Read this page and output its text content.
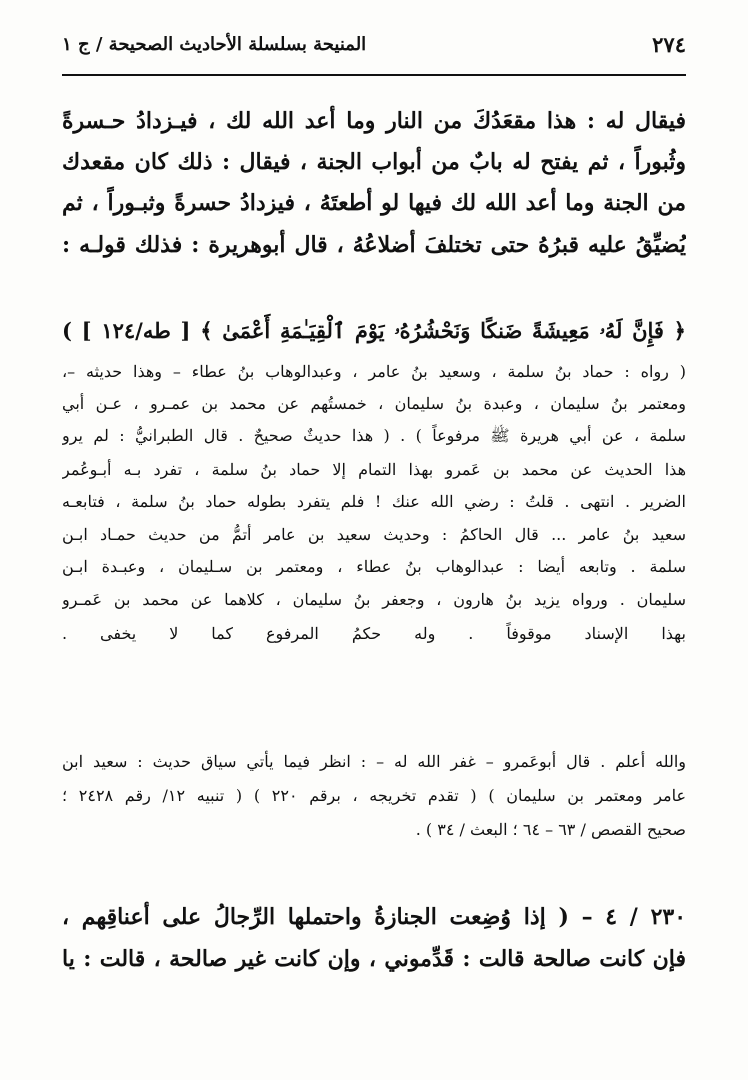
٢٧٤
المنيحة بسلسلة الأحاديث الصحيحة / ج ١
فيقال له : هذا مقعَدُكَ من النار وما أعد الله لك ، فيـزدادُ حـسرةً
وثُبوراً ، ثم يفتح له بابٌ من أبواب الجنة ، فيقال : ذلك كان مقعدك
من الجنة وما أعد الله لك فيها لو أطعتَهُ ، فيزدادُ حسرةً وثبـوراً ، ثم
يُضيِّقُ عليه قبرُهُ حتى تختلفَ أضلاعُهُ ، قال أبوهريرة : فذلك قولـه :
﴿ فَإِنَّ لَهُۥ مَعِيشَةً ضَنكًا وَنَحْشُرُهُۥ يَوْمَ ٱلْقِيَـٰمَةِ أَعْمَىٰ ﴾ [ طه/١٢٤ ] )
( رواه : حماد بنُ سلمة ، وسعيد بنُ عامر ، وعبدالوهاب بنُ عطاء – وهذا حديثه –،
ومعتمر بنُ سليمان ، وعبدة بنُ سليمان ، خمستُهم عن محمد بن عمـرو ، عـن أبي
سلمة ، عن أبي هريرة ﷺ مرفوعاً ) . ( هذا حديثٌ صحيحٌ . قال الطبرانيُّ : لم يرو
هذا الحديث عن محمد بن عَمرو بهذا التمام إلا حماد بنُ سلمة ، تفرد بـه أبـوعُمر
الضرير . انتهى . قلتُ : رضي الله عنك ! فلم يتفرد بطوله حماد بنُ سلمة ، فتابعـه
سعيد بنُ عامر ... قال الحاكمُ : وحديث سعيد بن عامر أتمُّ من حديث حمـاد ابـن
سلمة . وتابعه أيضا : عبدالوهاب بنُ عطاء ، ومعتمر بن سـليمان ، وعبـدة ابـن
سليمان . ورواه يزيد بنُ هارون ، وجعفر بنُ سليمان ، كلاهما عن محمد بن عَمـرو
بهذا الإسناد موقوفاً . وله حكمُ المرفوع كما لا يخفى .
والله أعلم . قال أبوعَمرو – غفر الله له – : انظر فيما يأتي سياق حديث : سعيد ابن
عامر ومعتمر بن سليمان ) ( تقدم تخريجه ، برقم ٢٢٠ ) ( تنبيه ١٢/ رقم ٢٤٢٨ ؛
صحيح القصص / ٦٣ – ٦٤ ؛ البعث / ٣٤ ) .
٢٣٠ / ٤ – ( إذا وُضِعت الجنازةُ واحتملها الرِّجالُ على أعناقِهم ،
فإن كانت صالحة قالت : قَدِّموني ، وإن كانت غير صالحة ، قالت : يا
